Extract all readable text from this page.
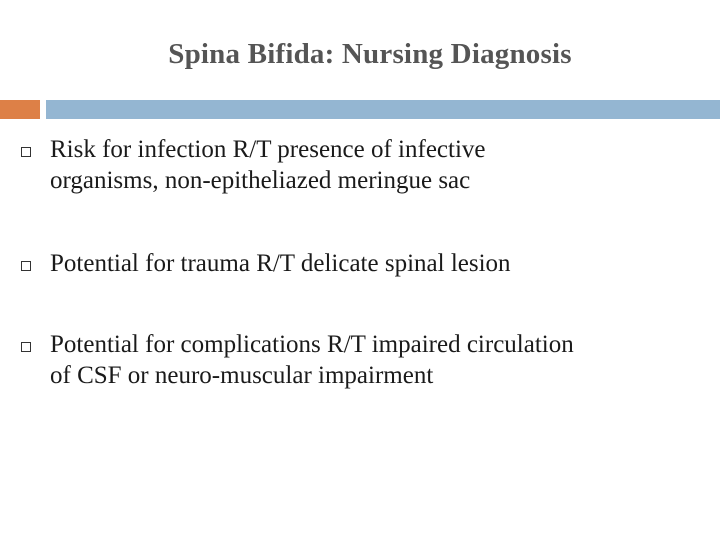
Spina Bifida: Nursing Diagnosis
Risk for infection R/T presence of infective
organisms, non-epitheliazed meringue sac
Potential for trauma R/T delicate spinal lesion
Potential for complications R/T impaired circulation
of CSF or neuro-muscular impairment
